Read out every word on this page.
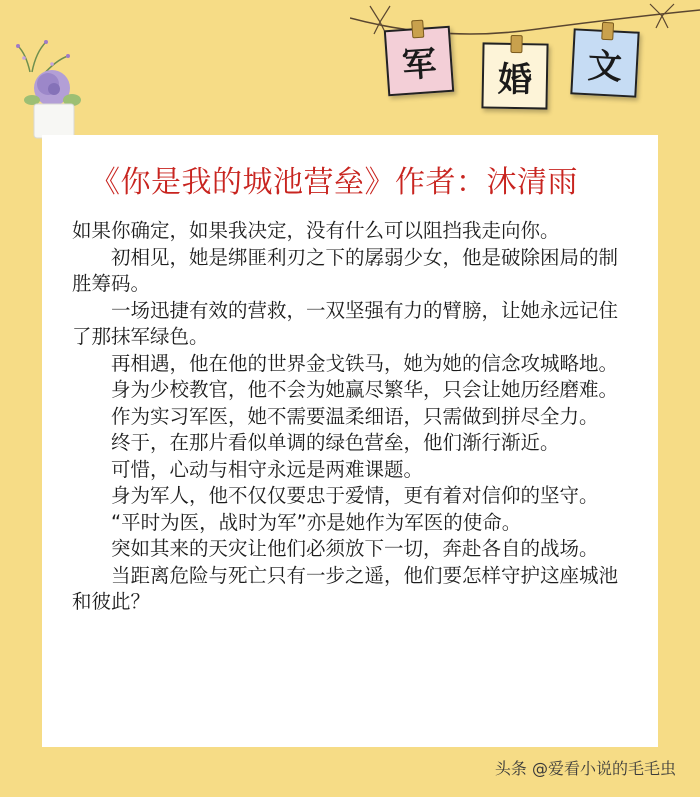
军 婚 文
《你是我的城池营垒》作者：沐清雨

如果你确定，如果我决定，没有什么可以阻挡我走向你。

初相见，她是绑匪利刃之下的孱弱少女，他是破除困局的制胜筹码。

一场迅捷有效的营救，一双坚强有力的臂膀，让她永远记住了那抹军绿色。

再相遇，他在他的世界金戈铁马，她为她的信念攻城略地。

身为少校教官，他不会为她赢尽繁华，只会让她历经磨难。

作为实习军医，她不需要温柔细语，只需做到拼尽全力。

终于，在那片看似单调的绿色营垒，他们渐行渐近。

可惜，心动与相守永远是两难课题。

身为军人，他不仅仅要忠于爱情，更有着对信仰的坚守。

“平时为医，战时为军”亦是她作为军医的使命。

突如其来的天灾让他们必须放下一切，奔赴各自的战场。

当距离危险与死亡只有一步之遥，他们要怎样守护这座城池和彼此？

头条 @爱看小说的毛毛虫
